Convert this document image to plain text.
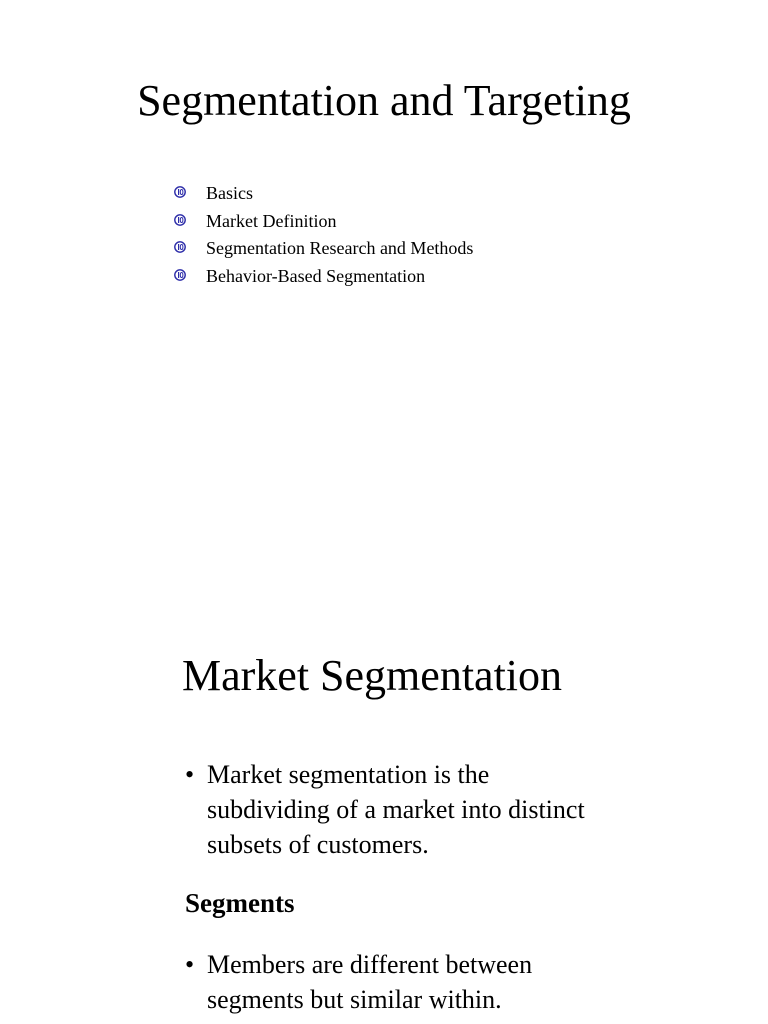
Segmentation and Targeting
Basics
Market Definition
Segmentation Research and Methods
Behavior-Based Segmentation
Market Segmentation

• Market segmentation is the subdividing of a market into distinct subsets of customers.

Segments

• Members are different between segments but similar within.
